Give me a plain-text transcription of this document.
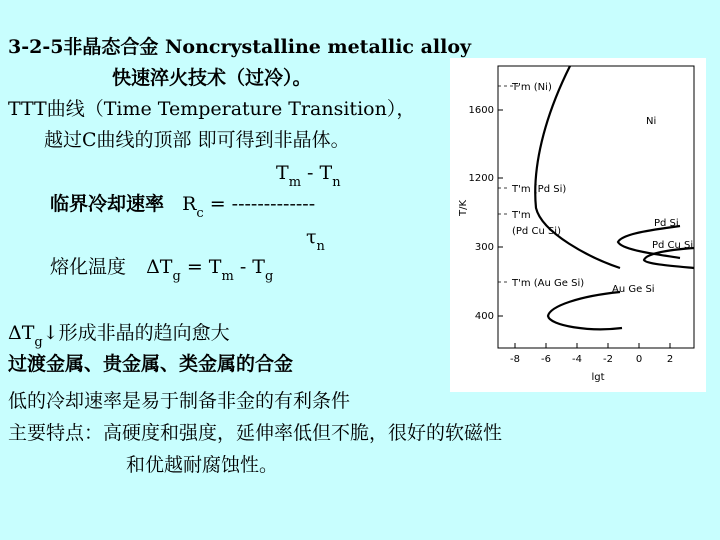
3-2-5非晶态合金 Noncrystalline metallic alloy
快速淬火技术（过冷）。
TTT曲线（Time Temperature Transition），
越过C曲线的顶部 即可得到非晶体。
$T_m - T_n$
临界冷却速率 $R_c$ = -------------
$\tau_n$
熔化温度 $\Delta T_g = T_m - T_g$
$\Delta T_g↓$形成非晶的趋向愈大
过渡金属、贵金属、类金属的合金
低的冷却速率是易于制备非金的有利条件
主要特点：高硬度和强度，延伸率低但不脆，很好的软磁性
和优越耐腐蚀性。
1600
1200
300
400
T/K
-8 -6 -4 -2 0 2
lgt
T'm (Ni)
T'm (Pd Si)
T'm
(Pd Cu Si)
T'm (Au Ge Si)
Ni
Pd Si
Pd Cu Si
Au Ge Si
